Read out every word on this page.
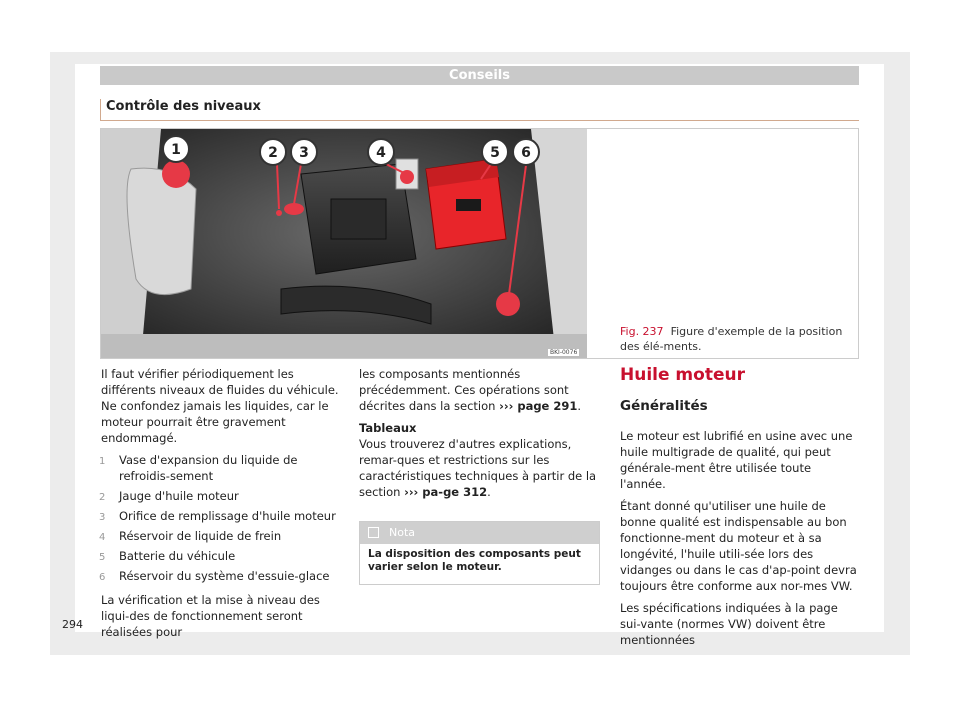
Conseils
Contrôle des niveaux
1	2 3	4	5 6
BKI-0076
Fig. 237 Figure d'exemple de la position des élé-ments.

Il faut vérifier périodiquement les différents niveaux de fluides du véhicule. Ne confondez jamais les liquides, car le moteur pourrait être gravement endommagé.

1 Vase d'expansion du liquide de refroidis-sement
2 Jauge d'huile moteur
3 Orifice de remplissage d'huile moteur
4 Réservoir de liquide de frein
5 Batterie du véhicule
6 Réservoir du système d'essuie-glace

La vérification et la mise à niveau des liqui-des de fonctionnement seront réalisées pour

les composants mentionnés précédemment. Ces opérations sont décrites dans la section ››› page 291.

Tableaux

Vous trouverez d'autres explications, remar-ques et restrictions sur les caractéristiques techniques à partir de la section ››› pa-ge 312.

Nota
La disposition des composants peut varier selon le moteur.
Huile moteur
Généralités

Le moteur est lubrifié en usine avec une huile multigrade de qualité, qui peut générale-ment être utilisée toute l'année.

Étant donné qu'utiliser une huile de bonne qualité est indispensable au bon fonctionne-ment du moteur et à sa longévité, l'huile utili-sée lors des vidanges ou dans le cas d'ap-point devra toujours être conforme aux nor-mes VW.

Les spécifications indiquées à la page sui-vante (normes VW) doivent être mentionnées

294
